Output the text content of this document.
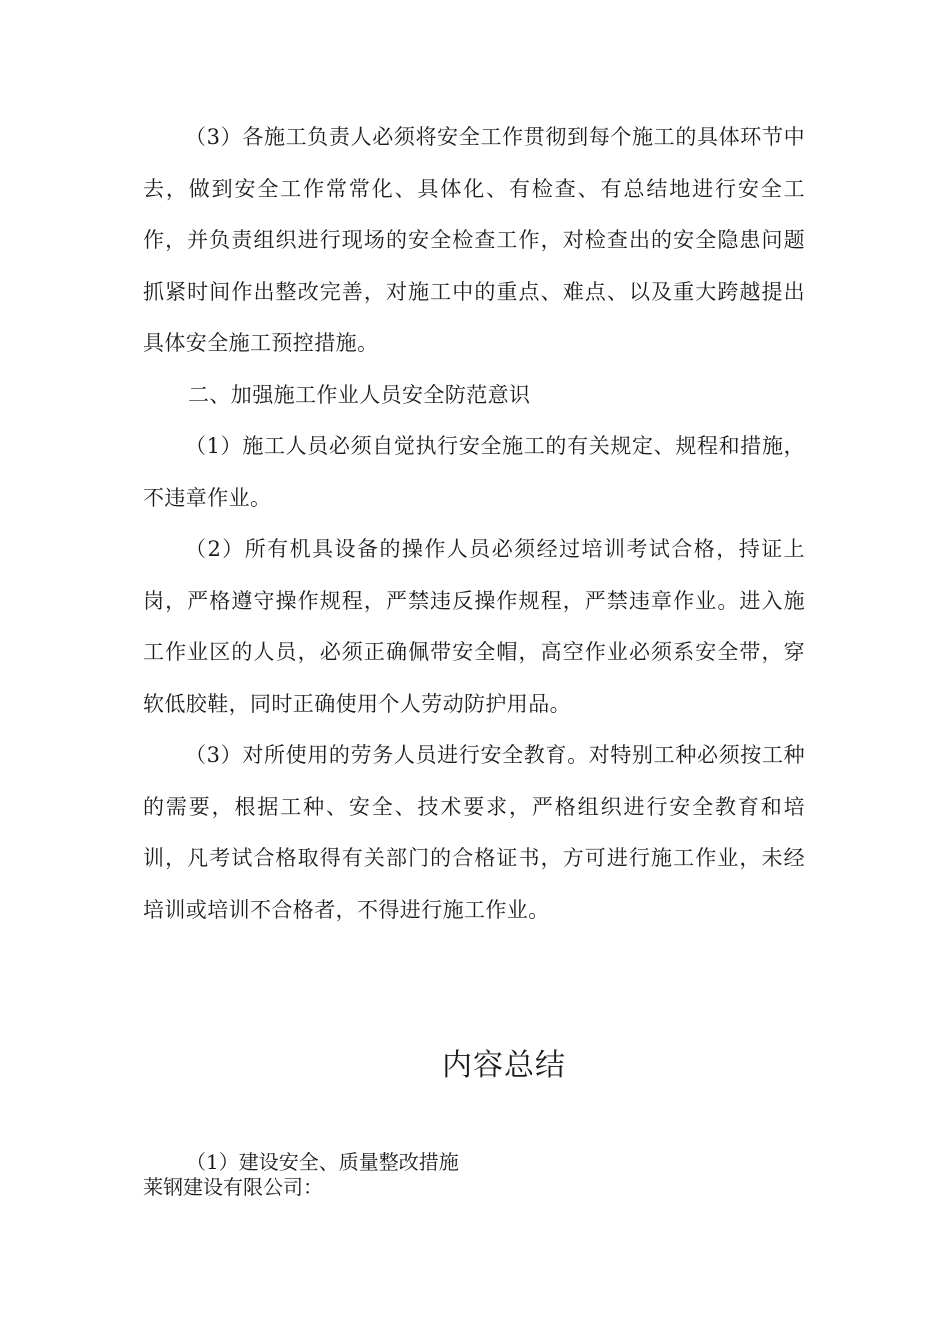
（3）各施工负责人必须将安全工作贯彻到每个施工的具体环节中去，做到安全工作常常化、具体化、有检查、有总结地进行安全工作，并负责组织进行现场的安全检查工作，对检查出的安全隐患问题抓紧时间作出整改完善，对施工中的重点、难点、以及重大跨越提出具体安全施工预控措施。

二、加强施工作业人员安全防范意识

（1）施工人员必须自觉执行安全施工的有关规定、规程和措施，不违章作业。

（2）所有机具设备的操作人员必须经过培训考试合格，持证上岗，严格遵守操作规程，严禁违反操作规程，严禁违章作业。进入施工作业区的人员，必须正确佩带安全帽，高空作业必须系安全带，穿软低胶鞋，同时正确使用个人劳动防护用品。

（3）对所使用的劳务人员进行安全教育。对特别工种必须按工种的需要，根据工种、安全、技术要求，严格组织进行安全教育和培训，凡考试合格取得有关部门的合格证书，方可进行施工作业，未经培训或培训不合格者，不得进行施工作业。

内容总结

（1）建设安全、质量整改措施

莱钢建设有限公司：
